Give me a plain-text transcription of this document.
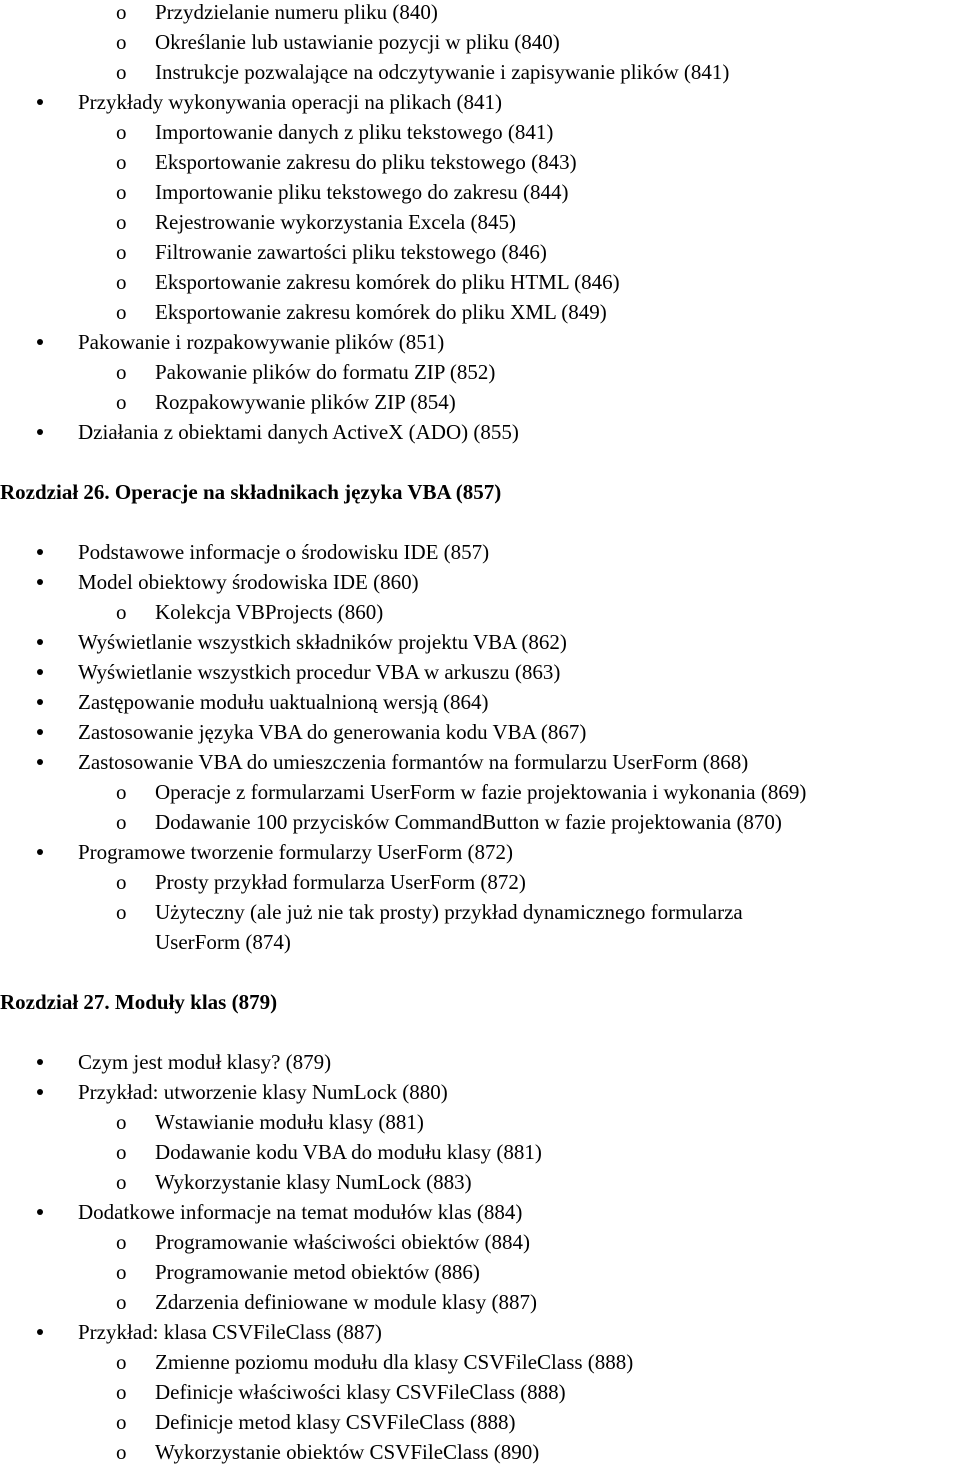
o Przydzielanie numeru pliku (840)
o Określanie lub ustawianie pozycji w pliku (840)
o Instrukcje pozwalające na odczytywanie i zapisywanie plików (841)
Przykłady wykonywania operacji na plikach (841)
o Importowanie danych z pliku tekstowego (841)
o Eksportowanie zakresu do pliku tekstowego (843)
o Importowanie pliku tekstowego do zakresu (844)
o Rejestrowanie wykorzystania Excela (845)
o Filtrowanie zawartości pliku tekstowego (846)
o Eksportowanie zakresu komórek do pliku HTML (846)
o Eksportowanie zakresu komórek do pliku XML (849)
Pakowanie i rozpakowywanie plików (851)
o Pakowanie plików do formatu ZIP (852)
o Rozpakowywanie plików ZIP (854)
Działania z obiektami danych ActiveX (ADO) (855)
Rozdział 26. Operacje na składnikach języka VBA (857)
Podstawowe informacje o środowisku IDE (857)
Model obiektowy środowiska IDE (860)
o Kolekcja VBProjects (860)
Wyświetlanie wszystkich składników projektu VBA (862)
Wyświetlanie wszystkich procedur VBA w arkuszu (863)
Zastępowanie modułu uaktualnioną wersją (864)
Zastosowanie języka VBA do generowania kodu VBA (867)
Zastosowanie VBA do umieszczenia formantów na formularzu UserForm (868)
o Operacje z formularzami UserForm w fazie projektowania i wykonania (869)
o Dodawanie 100 przycisków CommandButton w fazie projektowania (870)
Programowe tworzenie formularzy UserForm (872)
o Prosty przykład formularza UserForm (872)
o Użyteczny (ale już nie tak prosty) przykład dynamicznego formularza
UserForm (874)
Rozdział 27. Moduły klas (879)
Czym jest moduł klasy? (879)
Przykład: utworzenie klasy NumLock (880)
o Wstawianie modułu klasy (881)
o Dodawanie kodu VBA do modułu klasy (881)
o Wykorzystanie klasy NumLock (883)
Dodatkowe informacje na temat modułów klas (884)
o Programowanie właściwości obiektów (884)
o Programowanie metod obiektów (886)
o Zdarzenia definiowane w module klasy (887)
Przykład: klasa CSVFileClass (887)
o Zmienne poziomu modułu dla klasy CSVFileClass (888)
o Definicje właściwości klasy CSVFileClass (888)
o Definicje metod klasy CSVFileClass (888)
o Wykorzystanie obiektów CSVFileClass (890)
